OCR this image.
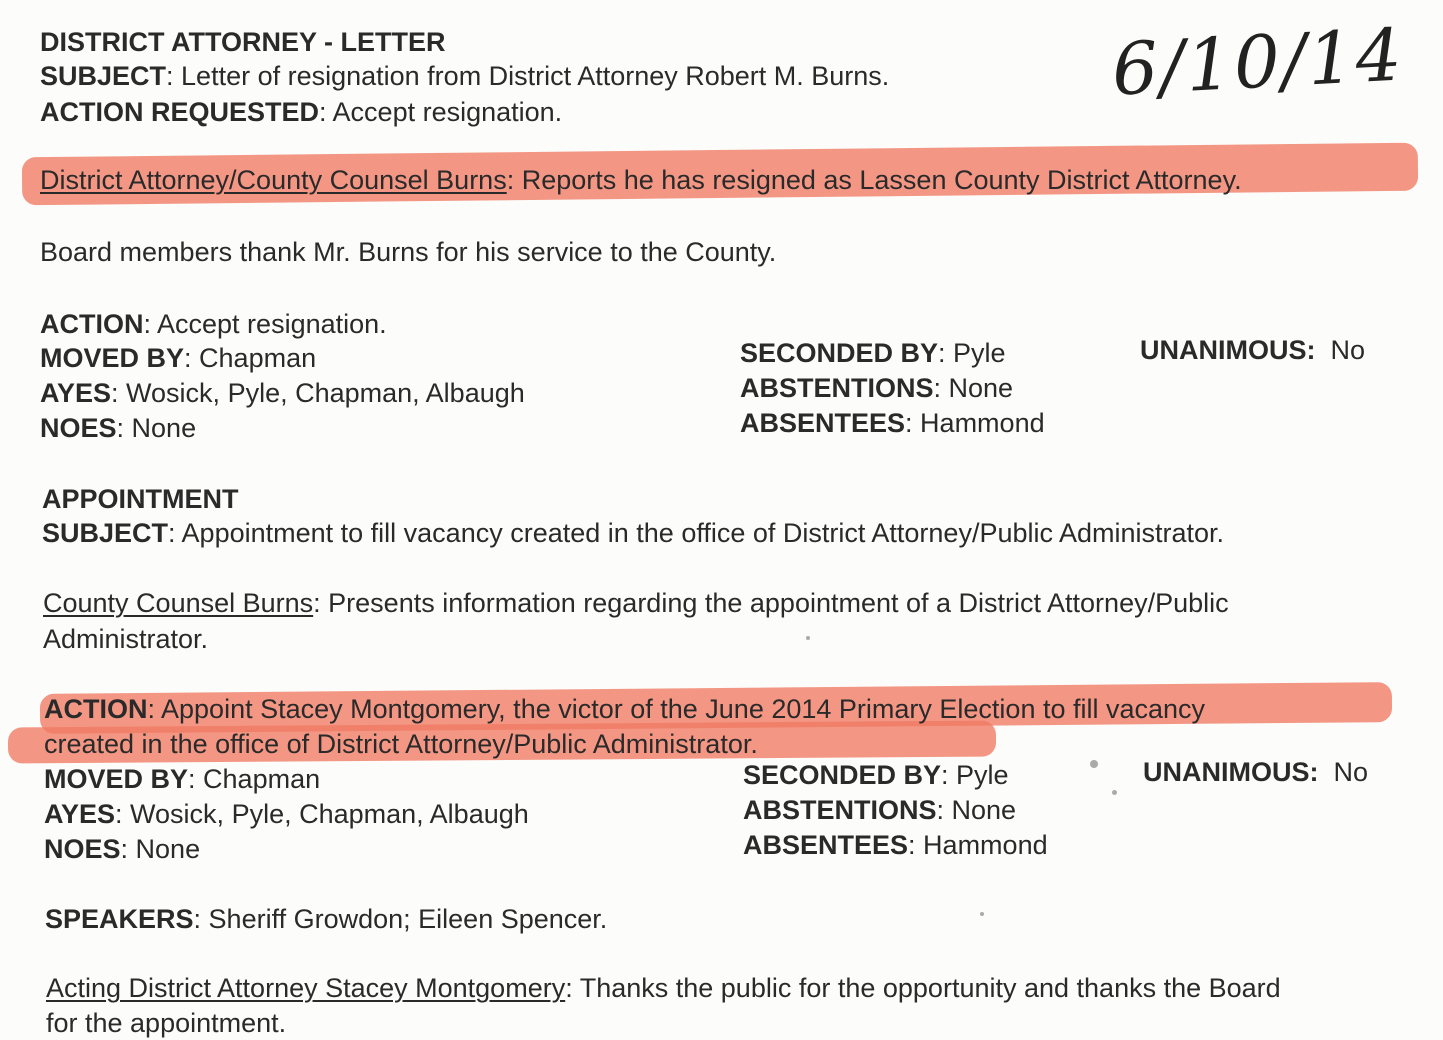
6/10/14
DISTRICT ATTORNEY - LETTER
SUBJECT: Letter of resignation from District Attorney Robert M. Burns.
ACTION REQUESTED: Accept resignation.
District Attorney/County Counsel Burns: Reports he has resigned as Lassen County District Attorney.
Board members thank Mr. Burns for his service to the County.
ACTION: Accept resignation.
MOVED BY: Chapman
AYES: Wosick, Pyle, Chapman, Albaugh
NOES: None
SECONDED BY: Pyle
ABSTENTIONS: None
ABSENTEES: Hammond
UNANIMOUS: No
APPOINTMENT
SUBJECT: Appointment to fill vacancy created in the office of District Attorney/Public Administrator.
County Counsel Burns: Presents information regarding the appointment of a District Attorney/Public
Administrator.
ACTION: Appoint Stacey Montgomery, the victor of the June 2014 Primary Election to fill vacancy
created in the office of District Attorney/Public Administrator.
MOVED BY: Chapman
AYES: Wosick, Pyle, Chapman, Albaugh
NOES: None
SECONDED BY: Pyle
ABSTENTIONS: None
ABSENTEES: Hammond
UNANIMOUS: No
SPEAKERS: Sheriff Growdon; Eileen Spencer.
Acting District Attorney Stacey Montgomery: Thanks the public for the opportunity and thanks the Board
for the appointment.
